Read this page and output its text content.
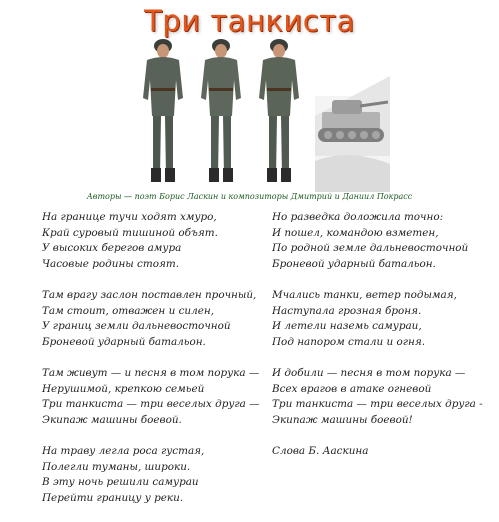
Три танкиста
Авторы — поэт Борис Ласкин и композиторы Дмитрий и Даниил Покрасс
На границе тучи ходят хмуро,
Край суровый тишиной объят.
У высоких берегов амура
Часовые родины стоят.
Там врагу заслон поставлен прочный,
Там стоит, отважен и силен,
У границ земли дальневосточной
Броневой ударный батальон.
Там живут — и песня в том порука —
Нерушимой, крепкою семьей
Три танкиста — три веселых друга —
Экипаж машины боевой.
На траву легла роса густая,
Полегли туманы, широки.
В эту ночь решили самураи
Перейти границу у реки.
Но разведка доложила точно:
И пошел, командою взметен,
По родной земле дальневосточной
Броневой ударный батальон.
Мчались танки, ветер подымая,
Наступала грозная броня.
И летели наземь самураи,
Под напором стали и огня.
И добили — песня в том порука —
Всех врагов в атаке огневой
Три танкиста — три веселых друга -
Экипаж машины боевой!
Слова Б. Ааскина
